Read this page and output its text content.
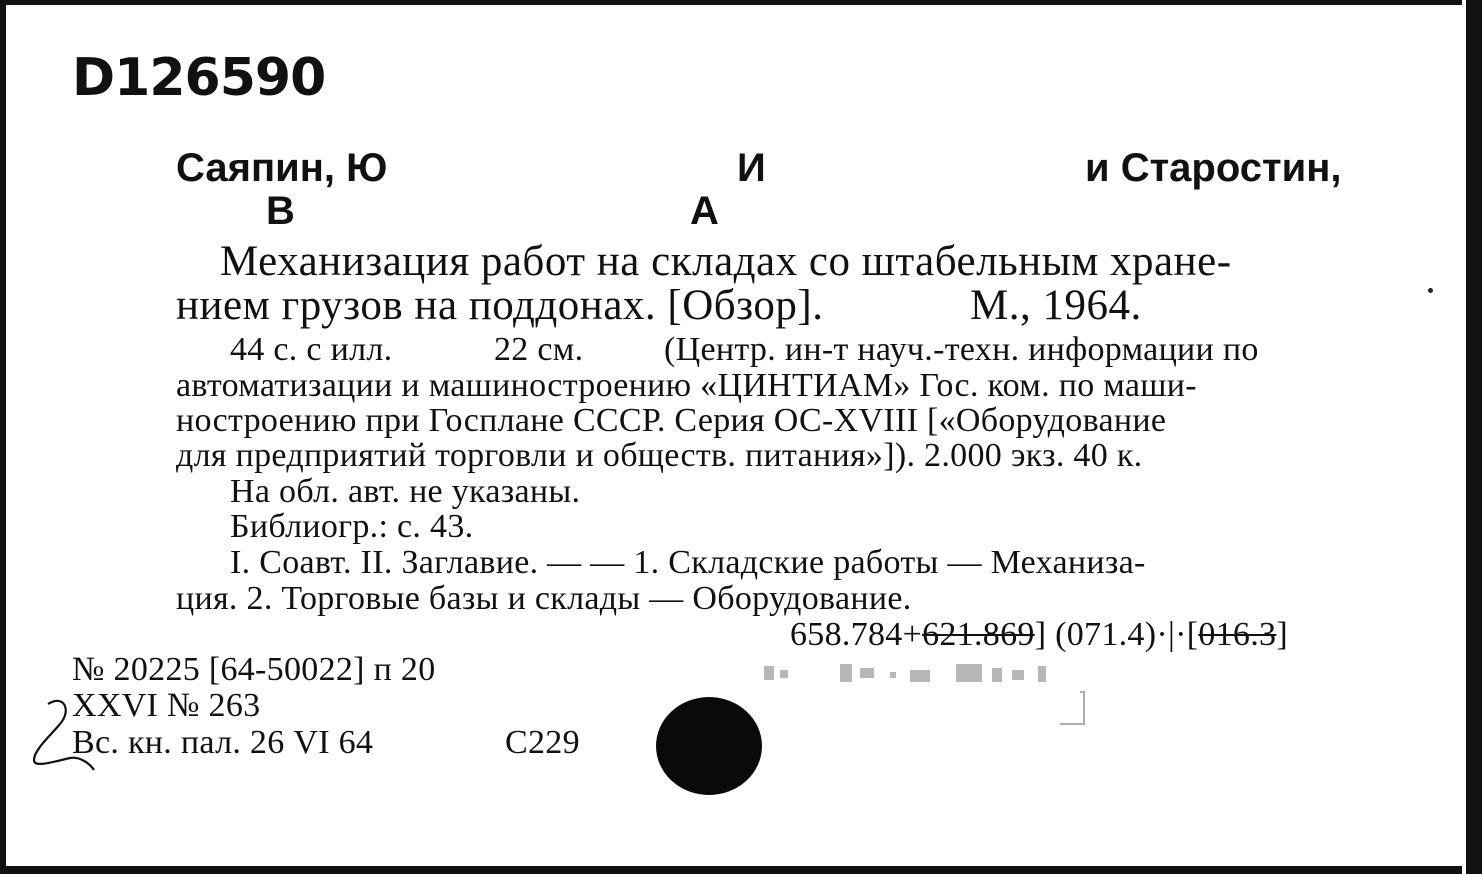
D126590
Саяпин, Ю
В
И
А
и Старостин,
Механизация работ на складах со штабельным хране-
нием грузов на поддонах. [Обзор].	М., 1964.
44 с. с илл.	22 см. (Центр. ин-т науч.-техн. информации по
автоматизации и машиностроению «ЦИНТИАМ» Гос. ком. по маши-
ностроению при Госплане СССР. Серия ОС-XVIII [«Оборудование
для предприятий торговли и обществ. питания»]). 2.000 экз. 40 к.
На обл. авт. не указаны.
Библиогр.: с. 43.
I. Соавт. II. Заглавие. — — 1. Складские работы — Механиза-
ция. 2. Торговые базы и склады — Оборудование.
658.784+621.869] (071.4)·|·[016.3]
№ 20225 [64-50022] п 20
XXVI № 263
Вс. кн. пал. 26 VI 64	С229
